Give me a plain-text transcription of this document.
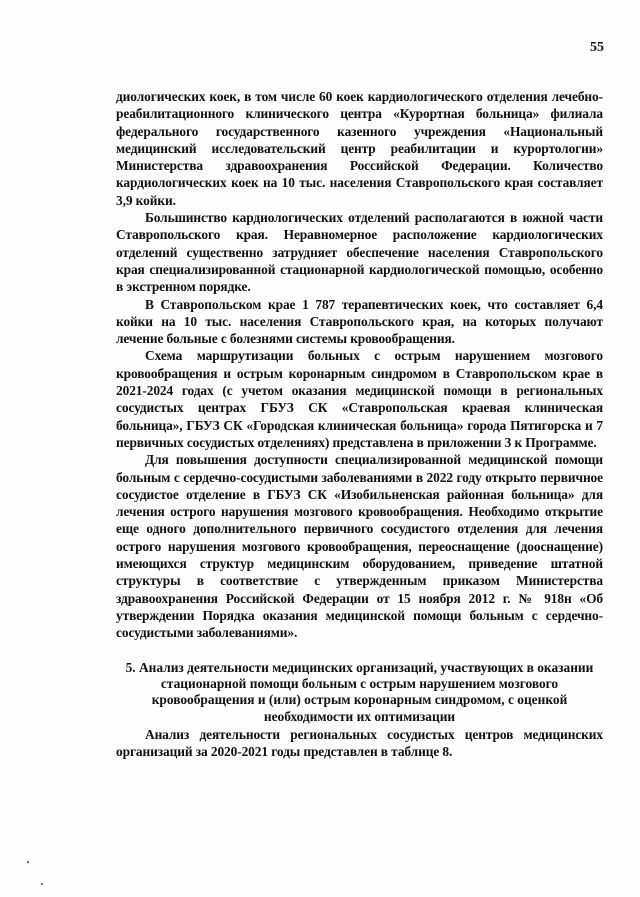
55

диологических коек, в том числе 60 коек кардиологического отделения лечебно-реабилитационного клинического центра «Курортная больница» филиала федерального государственного казенного учреждения «Национальный медицинский исследовательский центр реабилитации и курортологии» Министерства здравоохранения Российской Федерации. Количество кардиологических коек на 10 тыс. населения Ставропольского края составляет 3,9 койки.

Большинство кардиологических отделений располагаются в южной части Ставропольского края. Неравномерное расположение кардиологических отделений существенно затрудняет обеспечение населения Ставропольского края специализированной стационарной кардиологической помощью, особенно в экстренном порядке.

В Ставропольском крае 1 787 терапевтических коек, что составляет 6,4 койки на 10 тыс. населения Ставропольского края, на которых получают лечение больные с болезнями системы кровообращения.

Схема маршрутизации больных с острым нарушением мозгового кровообращения и острым коронарным синдромом в Ставропольском крае в 2021-2024 годах (с учетом оказания медицинской помощи в региональных сосудистых центрах ГБУЗ СК «Ставропольская краевая клиническая больница», ГБУЗ СК «Городская клиническая больница» города Пятигорска и 7 первичных сосудистых отделениях) представлена в приложении 3 к Программе.

Для повышения доступности специализированной медицинской помощи больным с сердечно-сосудистыми заболеваниями в 2022 году открыто первичное сосудистое отделение в ГБУЗ СК «Изобильненская районная больница» для лечения острого нарушения мозгового кровообращения. Необходимо открытие еще одного дополнительного первичного сосудистого отделения для лечения острого нарушения мозгового кровообращения, переоснащение (дооснащение) имеющихся структур медицинским оборудованием, приведение штатной структуры в соответствие с утвержденным приказом Министерства здравоохранения Российской Федерации от 15 ноября 2012 г. № 918н «Об утверждении Порядка оказания медицинской помощи больным с сердечно-сосудистыми заболеваниями».

5. Анализ деятельности медицинских организаций, участвующих в оказании стационарной помощи больным с острым нарушением мозгового кровообращения и (или) острым коронарным синдромом, с оценкой необходимости их оптимизации

Анализ деятельности региональных сосудистых центров медицинских организаций за 2020-2021 годы представлен в таблице 8.
